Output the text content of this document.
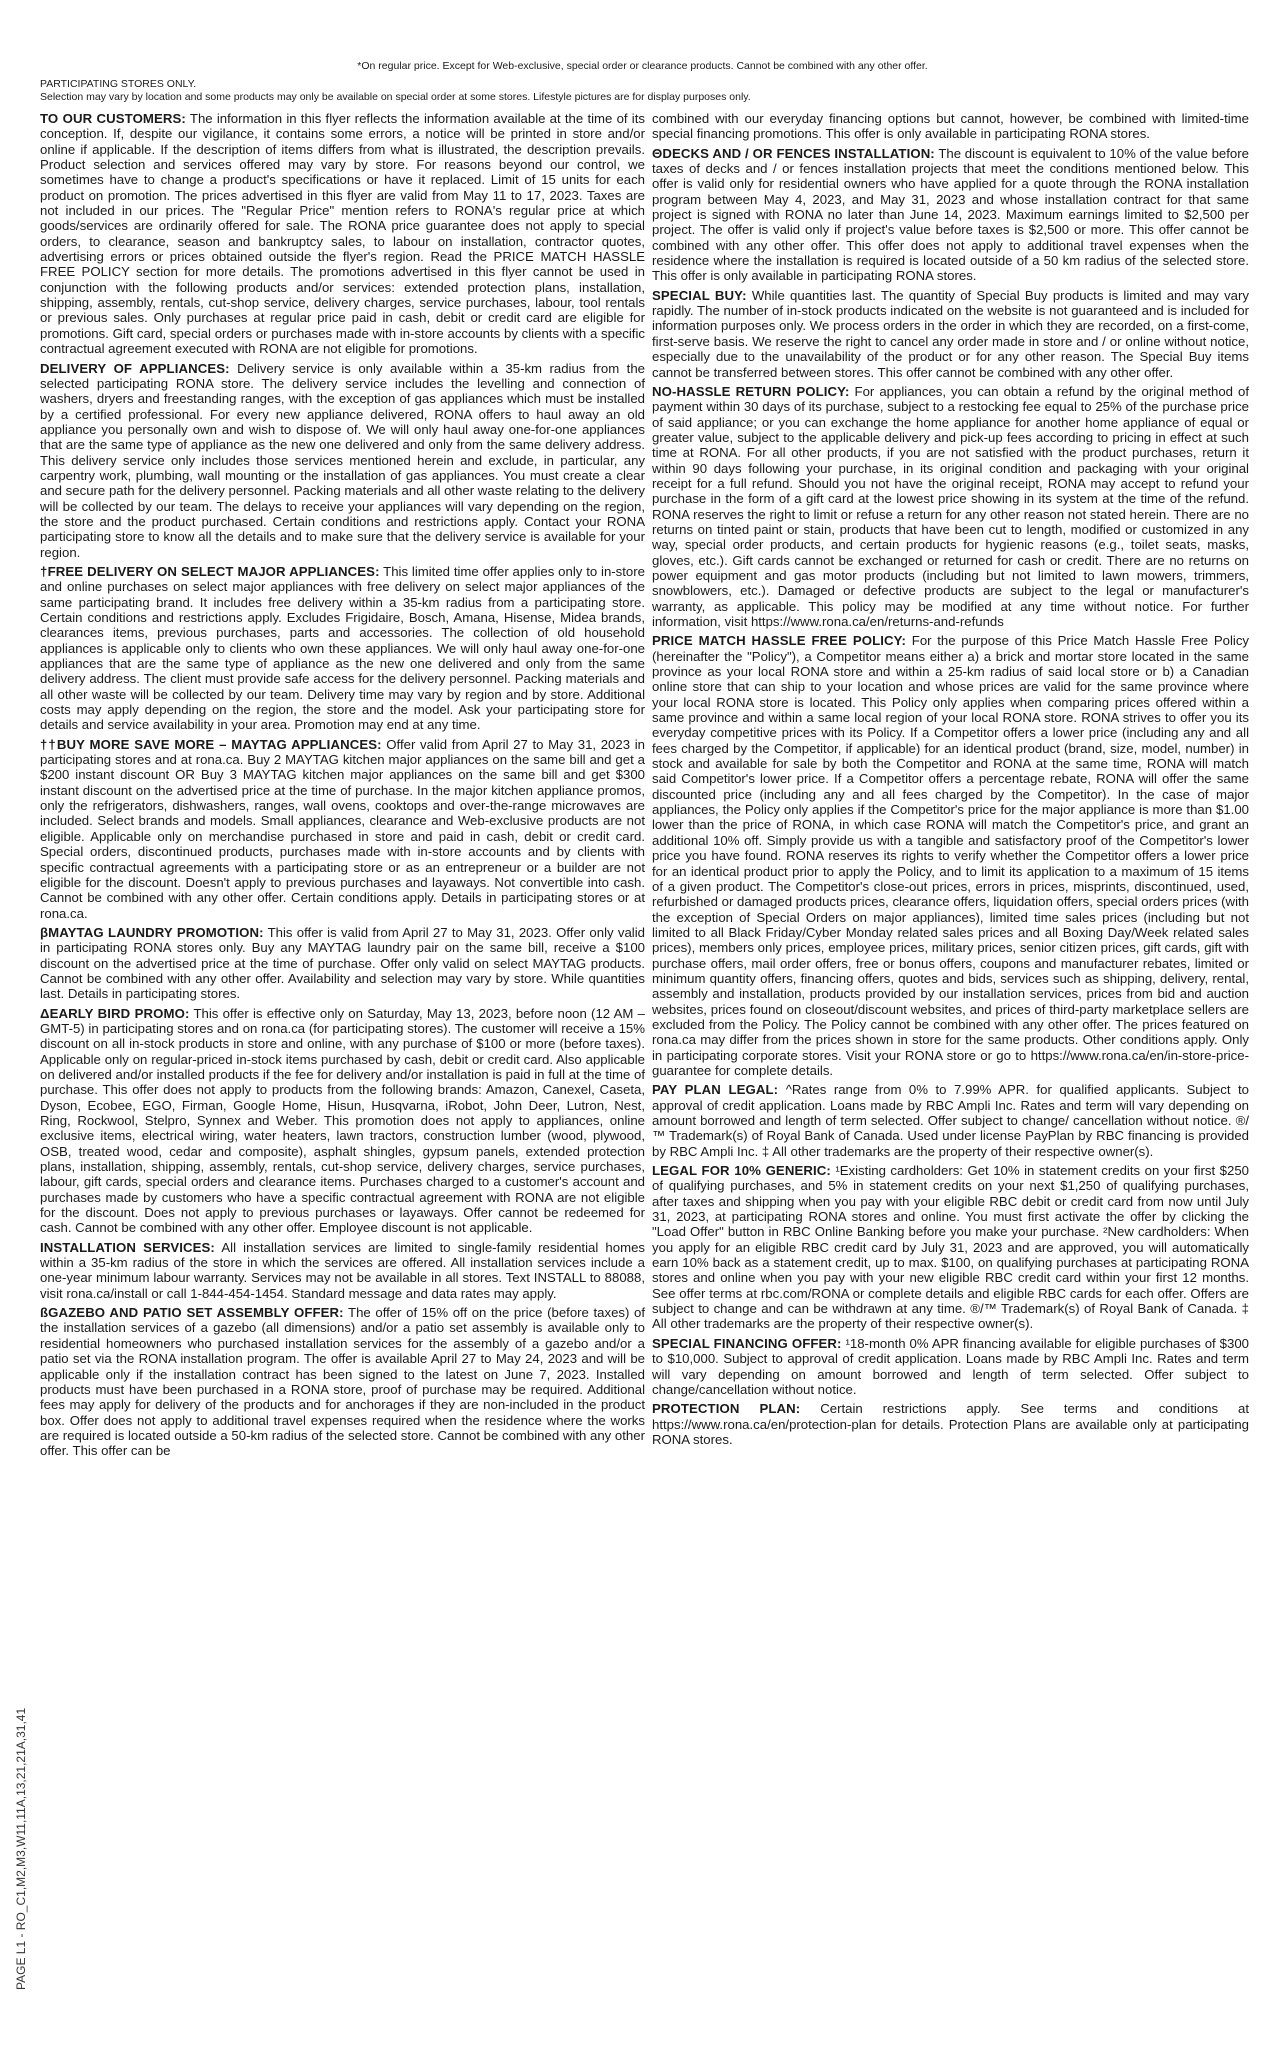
*On regular price. Except for Web-exclusive, special order or clearance products. Cannot be combined with any other offer.
PARTICIPATING STORES ONLY.
Selection may vary by location and some products may only be available on special order at some stores. Lifestyle pictures are for display purposes only.

TO OUR CUSTOMERS: The information in this flyer reflects the information available at the time of its conception. If, despite our vigilance, it contains some errors, a notice will be printed in store and/or online if applicable. If the description of items differs from what is illustrated, the description prevails. Product selection and services offered may vary by store. For reasons beyond our control, we sometimes have to change a product's specifications or have it replaced. Limit of 15 units for each product on promotion. The prices advertised in this flyer are valid from May 11 to 17, 2023. Taxes are not included in our prices. The "Regular Price" mention refers to RONA's regular price at which goods/services are ordinarily offered for sale. The RONA price guarantee does not apply to special orders, to clearance, season and bankruptcy sales, to labour on installation, contractor quotes, advertising errors or prices obtained outside the flyer's region. Read the PRICE MATCH HASSLE FREE POLICY section for more details. The promotions advertised in this flyer cannot be used in conjunction with the following products and/or services: extended protection plans, installation, shipping, assembly, rentals, cut-shop service, delivery charges, service purchases, labour, tool rentals or previous sales. Only purchases at regular price paid in cash, debit or credit card are eligible for promotions. Gift card, special orders or purchases made with in-store accounts by clients with a specific contractual agreement executed with RONA are not eligible for promotions.

DELIVERY OF APPLIANCES: Delivery service is only available within a 35-km radius from the selected participating RONA store. The delivery service includes the levelling and connection of washers, dryers and freestanding ranges, with the exception of gas appliances which must be installed by a certified professional. For every new appliance delivered, RONA offers to haul away an old appliance you personally own and wish to dispose of. We will only haul away one-for-one appliances that are the same type of appliance as the new one delivered and only from the same delivery address. This delivery service only includes those services mentioned herein and exclude, in particular, any carpentry work, plumbing, wall mounting or the installation of gas appliances. You must create a clear and secure path for the delivery personnel. Packing materials and all other waste relating to the delivery will be collected by our team. The delays to receive your appliances will vary depending on the region, the store and the product purchased. Certain conditions and restrictions apply. Contact your RONA participating store to know all the details and to make sure that the delivery service is available for your region.

†FREE DELIVERY ON SELECT MAJOR APPLIANCES: This limited time offer applies only to in-store and online purchases on select major appliances with free delivery on select major appliances of the same participating brand. It includes free delivery within a 35-km radius from a participating store. Certain conditions and restrictions apply. Excludes Frigidaire, Bosch, Amana, Hisense, Midea brands, clearances items, previous purchases, parts and accessories. The collection of old household appliances is applicable only to clients who own these appliances. We will only haul away one-for-one appliances that are the same type of appliance as the new one delivered and only from the same delivery address. The client must provide safe access for the delivery personnel. Packing materials and all other waste will be collected by our team. Delivery time may vary by region and by store. Additional costs may apply depending on the region, the store and the model. Ask your participating store for details and service availability in your area. Promotion may end at any time.

††BUY MORE SAVE MORE – MAYTAG APPLIANCES: Offer valid from April 27 to May 31, 2023 in participating stores and at rona.ca. Buy 2 MAYTAG kitchen major appliances on the same bill and get a $200 instant discount OR Buy 3 MAYTAG kitchen major appliances on the same bill and get $300 instant discount on the advertised price at the time of purchase. In the major kitchen appliance promos, only the refrigerators, dishwashers, ranges, wall ovens, cooktops and over-the-range microwaves are included. Select brands and models. Small appliances, clearance and Web-exclusive products are not eligible. Applicable only on merchandise purchased in store and paid in cash, debit or credit card. Special orders, discontinued products, purchases made with in-store accounts and by clients with specific contractual agreements with a participating store or as an entrepreneur or a builder are not eligible for the discount. Doesn't apply to previous purchases and layaways. Not convertible into cash. Cannot be combined with any other offer. Certain conditions apply. Details in participating stores or at rona.ca.

βMAYTAG LAUNDRY PROMOTION: This offer is valid from April 27 to May 31, 2023. Offer only valid in participating RONA stores only. Buy any MAYTAG laundry pair on the same bill, receive a $100 discount on the advertised price at the time of purchase. Offer only valid on select MAYTAG products. Cannot be combined with any other offer. Availability and selection may vary by store. While quantities last. Details in participating stores.

ΔEARLY BIRD PROMO: This offer is effective only on Saturday, May 13, 2023, before noon (12 AM – GMT-5) in participating stores and on rona.ca (for participating stores). The customer will receive a 15% discount on all in-stock products in store and online, with any purchase of $100 or more (before taxes). Applicable only on regular-priced in-stock items purchased by cash, debit or credit card. Also applicable on delivered and/or installed products if the fee for delivery and/or installation is paid in full at the time of purchase. This offer does not apply to products from the following brands: Amazon, Canexel, Caseta, Dyson, Ecobee, EGO, Firman, Google Home, Hisun, Husqvarna, iRobot, John Deer, Lutron, Nest, Ring, Rockwool, Stelpro, Synnex and Weber. This promotion does not apply to appliances, online exclusive items, electrical wiring, water heaters, lawn tractors, construction lumber (wood, plywood, OSB, treated wood, cedar and composite), asphalt shingles, gypsum panels, extended protection plans, installation, shipping, assembly, rentals, cut-shop service, delivery charges, service purchases, labour, gift cards, special orders and clearance items. Purchases charged to a customer's account and purchases made by customers who have a specific contractual agreement with RONA are not eligible for the discount. Does not apply to previous purchases or layaways. Offer cannot be redeemed for cash. Cannot be combined with any other offer. Employee discount is not applicable.

INSTALLATION SERVICES: All installation services are limited to single-family residential homes within a 35-km radius of the store in which the services are offered. All installation services include a one-year minimum labour warranty. Services may not be available in all stores. Text INSTALL to 88088, visit rona.ca/install or call 1-844-454-1454. Standard message and data rates may apply.

ßGAZEBO AND PATIO SET ASSEMBLY OFFER: The offer of 15% off on the price (before taxes) of the installation services of a gazebo (all dimensions) and/or a patio set assembly is available only to residential homeowners who purchased installation services for the assembly of a gazebo and/or a patio set via the RONA installation program. The offer is available April 27 to May 24, 2023 and will be applicable only if the installation contract has been signed to the latest on June 7, 2023. Installed products must have been purchased in a RONA store, proof of purchase may be required. Additional fees may apply for delivery of the products and for anchorages if they are non-included in the product box. Offer does not apply to additional travel expenses required when the residence where the works are required is located outside a 50-km radius of the selected store. Cannot be combined with any other offer. This offer can be

combined with our everyday financing options but cannot, however, be combined with limited-time special financing promotions. This offer is only available in participating RONA stores.

ΘDECKS AND / OR FENCES INSTALLATION: The discount is equivalent to 10% of the value before taxes of decks and / or fences installation projects that meet the conditions mentioned below. This offer is valid only for residential owners who have applied for a quote through the RONA installation program between May 4, 2023, and May 31, 2023 and whose installation contract for that same project is signed with RONA no later than June 14, 2023. Maximum earnings limited to $2,500 per project. The offer is valid only if project's value before taxes is $2,500 or more. This offer cannot be combined with any other offer. This offer does not apply to additional travel expenses when the residence where the installation is required is located outside of a 50 km radius of the selected store. This offer is only available in participating RONA stores.

SPECIAL BUY: While quantities last. The quantity of Special Buy products is limited and may vary rapidly. The number of in-stock products indicated on the website is not guaranteed and is included for information purposes only. We process orders in the order in which they are recorded, on a first-come, first-serve basis. We reserve the right to cancel any order made in store and / or online without notice, especially due to the unavailability of the product or for any other reason. The Special Buy items cannot be transferred between stores. This offer cannot be combined with any other offer.

NO-HASSLE RETURN POLICY: For appliances, you can obtain a refund by the original method of payment within 30 days of its purchase, subject to a restocking fee equal to 25% of the purchase price of said appliance; or you can exchange the home appliance for another home appliance of equal or greater value, subject to the applicable delivery and pick-up fees according to pricing in effect at such time at RONA. For all other products, if you are not satisfied with the product purchases, return it within 90 days following your purchase, in its original condition and packaging with your original receipt for a full refund. Should you not have the original receipt, RONA may accept to refund your purchase in the form of a gift card at the lowest price showing in its system at the time of the refund. RONA reserves the right to limit or refuse a return for any other reason not stated herein. There are no returns on tinted paint or stain, products that have been cut to length, modified or customized in any way, special order products, and certain products for hygienic reasons (e.g., toilet seats, masks, gloves, etc.). Gift cards cannot be exchanged or returned for cash or credit. There are no returns on power equipment and gas motor products (including but not limited to lawn mowers, trimmers, snowblowers, etc.). Damaged or defective products are subject to the legal or manufacturer's warranty, as applicable. This policy may be modified at any time without notice. For further information, visit https://www.rona.ca/en/returns-and-refunds

PRICE MATCH HASSLE FREE POLICY: For the purpose of this Price Match Hassle Free Policy (hereinafter the "Policy"), a Competitor means either a) a brick and mortar store located in the same province as your local RONA store and within a 25-km radius of said local store or b) a Canadian online store that can ship to your location and whose prices are valid for the same province where your local RONA store is located. This Policy only applies when comparing prices offered within a same province and within a same local region of your local RONA store. RONA strives to offer you its everyday competitive prices with its Policy. If a Competitor offers a lower price (including any and all fees charged by the Competitor, if applicable) for an identical product (brand, size, model, number) in stock and available for sale by both the Competitor and RONA at the same time, RONA will match said Competitor's lower price. If a Competitor offers a percentage rebate, RONA will offer the same discounted price (including any and all fees charged by the Competitor). In the case of major appliances, the Policy only applies if the Competitor's price for the major appliance is more than $1.00 lower than the price of RONA, in which case RONA will match the Competitor's price, and grant an additional 10% off. Simply provide us with a tangible and satisfactory proof of the Competitor's lower price you have found. RONA reserves its rights to verify whether the Competitor offers a lower price for an identical product prior to apply the Policy, and to limit its application to a maximum of 15 items of a given product. The Competitor's close-out prices, errors in prices, misprints, discontinued, used, refurbished or damaged products prices, clearance offers, liquidation offers, special orders prices (with the exception of Special Orders on major appliances), limited time sales prices (including but not limited to all Black Friday/Cyber Monday related sales prices and all Boxing Day/Week related sales prices), members only prices, employee prices, military prices, senior citizen prices, gift cards, gift with purchase offers, mail order offers, free or bonus offers, coupons and manufacturer rebates, limited or minimum quantity offers, financing offers, quotes and bids, services such as shipping, delivery, rental, assembly and installation, products provided by our installation services, prices from bid and auction websites, prices found on closeout/discount websites, and prices of third-party marketplace sellers are excluded from the Policy. The Policy cannot be combined with any other offer. The prices featured on rona.ca may differ from the prices shown in store for the same products. Other conditions apply. Only in participating corporate stores. Visit your RONA store or go to https://www.rona.ca/en/in-store-price-guarantee for complete details.

PAY PLAN LEGAL: ^Rates range from 0% to 7.99% APR. for qualified applicants. Subject to approval of credit application. Loans made by RBC Ampli Inc. Rates and term will vary depending on amount borrowed and length of term selected. Offer subject to change/ cancellation without notice. ®/™ Trademark(s) of Royal Bank of Canada. Used under license PayPlan by RBC financing is provided by RBC Ampli Inc. ‡ All other trademarks are the property of their respective owner(s).

LEGAL FOR 10% GENERIC: ¹Existing cardholders: Get 10% in statement credits on your first $250 of qualifying purchases, and 5% in statement credits on your next $1,250 of qualifying purchases, after taxes and shipping when you pay with your eligible RBC debit or credit card from now until July 31, 2023, at participating RONA stores and online. You must first activate the offer by clicking the "Load Offer" button in RBC Online Banking before you make your purchase. ²New cardholders: When you apply for an eligible RBC credit card by July 31, 2023 and are approved, you will automatically earn 10% back as a statement credit, up to max. $100, on qualifying purchases at participating RONA stores and online when you pay with your new eligible RBC credit card within your first 12 months. See offer terms at rbc.com/RONA or complete details and eligible RBC cards for each offer. Offers are subject to change and can be withdrawn at any time. ®/™ Trademark(s) of Royal Bank of Canada. ‡ All other trademarks are the property of their respective owner(s).

SPECIAL FINANCING OFFER: ¹18-month 0% APR financing available for eligible purchases of $300 to $10,000. Subject to approval of credit application. Loans made by RBC Ampli Inc. Rates and term will vary depending on amount borrowed and length of term selected. Offer subject to change/cancellation without notice.

PROTECTION PLAN: Certain restrictions apply. See terms and conditions at https://www.rona.ca/en/protection-plan for details. Protection Plans are available only at participating RONA stores.

PAGE L1 - RO_C1,M2,M3,W11,11A,13,21,21A,31,41
